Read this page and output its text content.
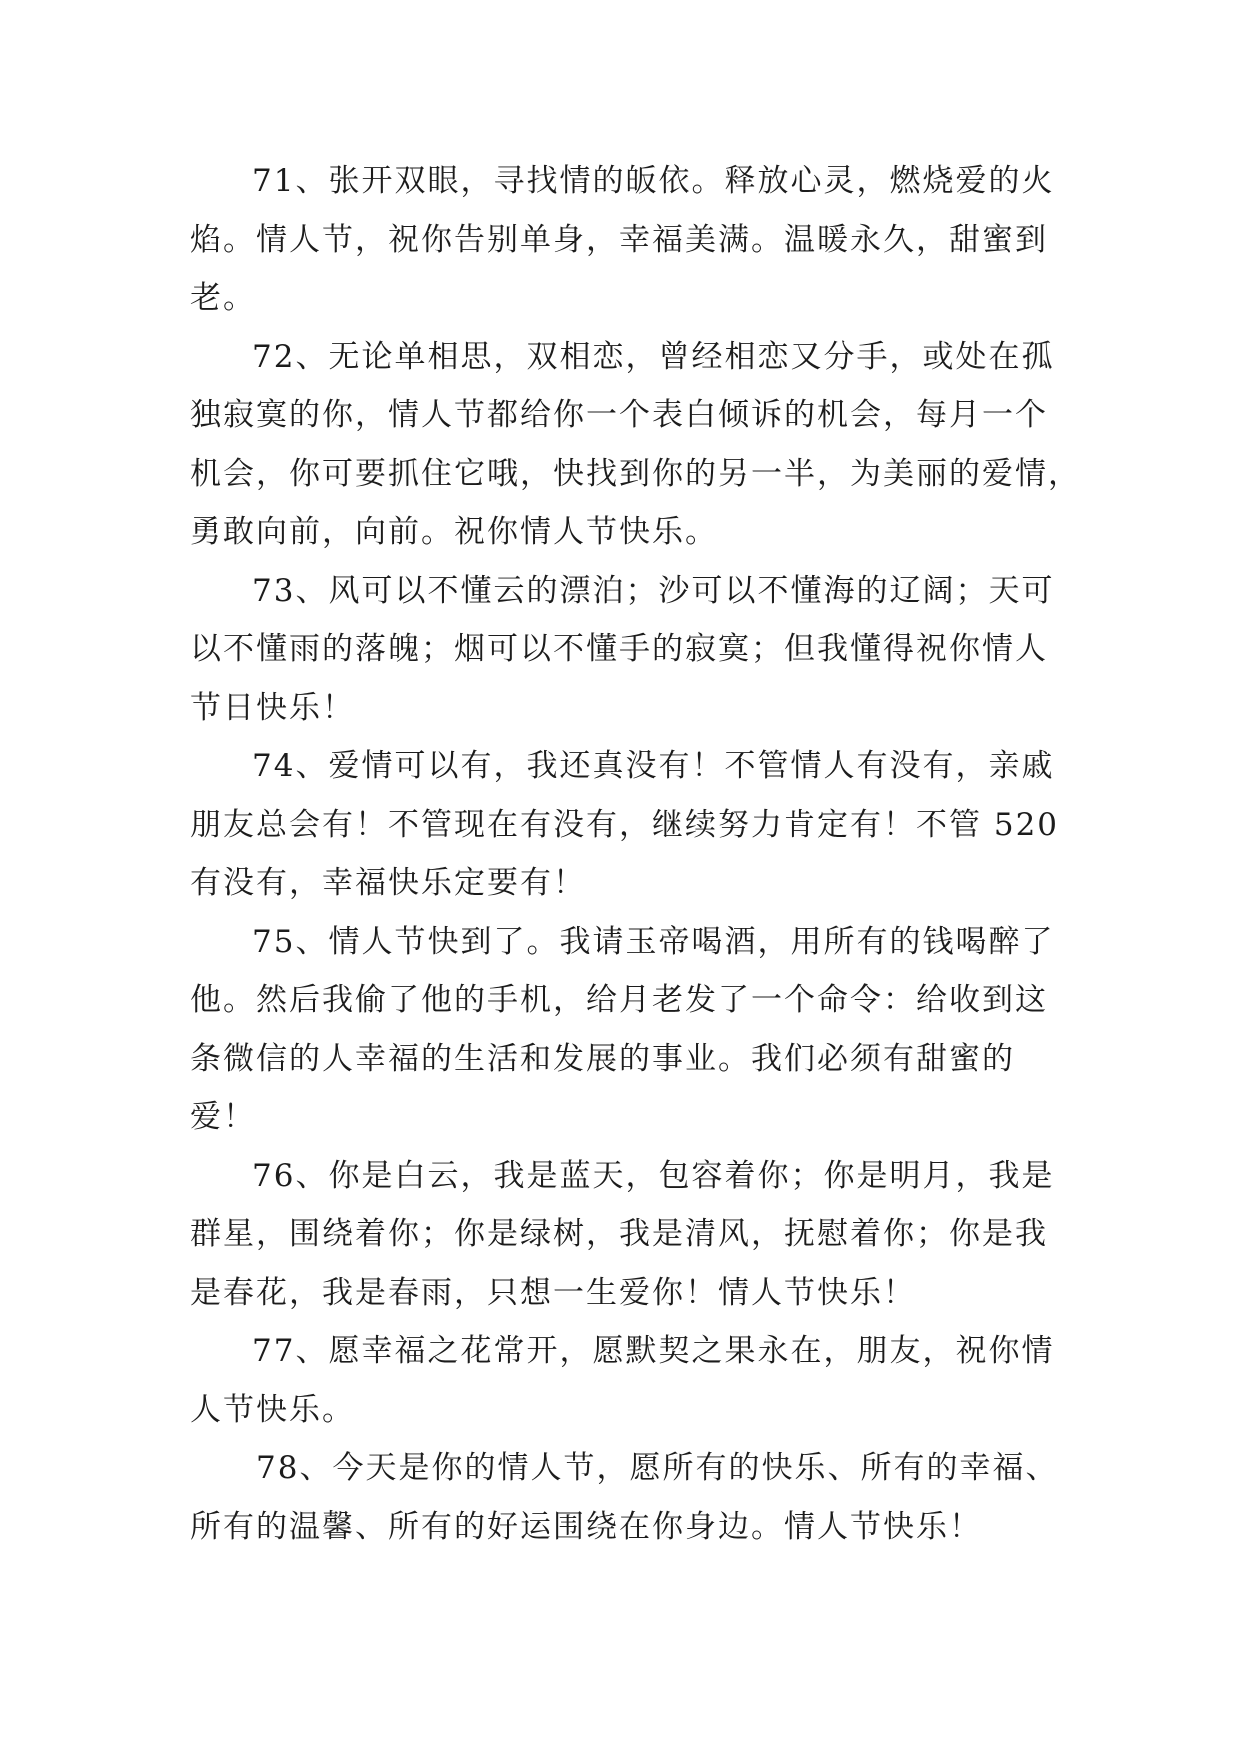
71、张开双眼，寻找情的皈依。释放心灵，燃烧爱的火
焰。情人节，祝你告别单身，幸福美满。温暖永久，甜蜜到
老。

72、无论单相思，双相恋，曾经相恋又分手，或处在孤
独寂寞的你，情人节都给你一个表白倾诉的机会，每月一个
机会，你可要抓住它哦，快找到你的另一半，为美丽的爱情，
勇敢向前，向前。祝你情人节快乐。

73、风可以不懂云的漂泊；沙可以不懂海的辽阔；天可
以不懂雨的落魄；烟可以不懂手的寂寞；但我懂得祝你情人
节日快乐！

74、爱情可以有，我还真没有！不管情人有没有，亲戚
朋友总会有！不管现在有没有，继续努力肯定有！不管 520
有没有，幸福快乐定要有！

75、情人节快到了。我请玉帝喝酒，用所有的钱喝醉了
他。然后我偷了他的手机，给月老发了一个命令：给收到这
条微信的人幸福的生活和发展的事业。我们必须有甜蜜的
爱！

76、你是白云，我是蓝天，包容着你；你是明月，我是
群星，围绕着你；你是绿树，我是清风，抚慰着你；你是我
是春花，我是春雨，只想一生爱你！情人节快乐！

77、愿幸福之花常开，愿默契之果永在，朋友，祝你情
人节快乐。

78、今天是你的情人节，愿所有的快乐、所有的幸福、
所有的温馨、所有的好运围绕在你身边。情人节快乐！
